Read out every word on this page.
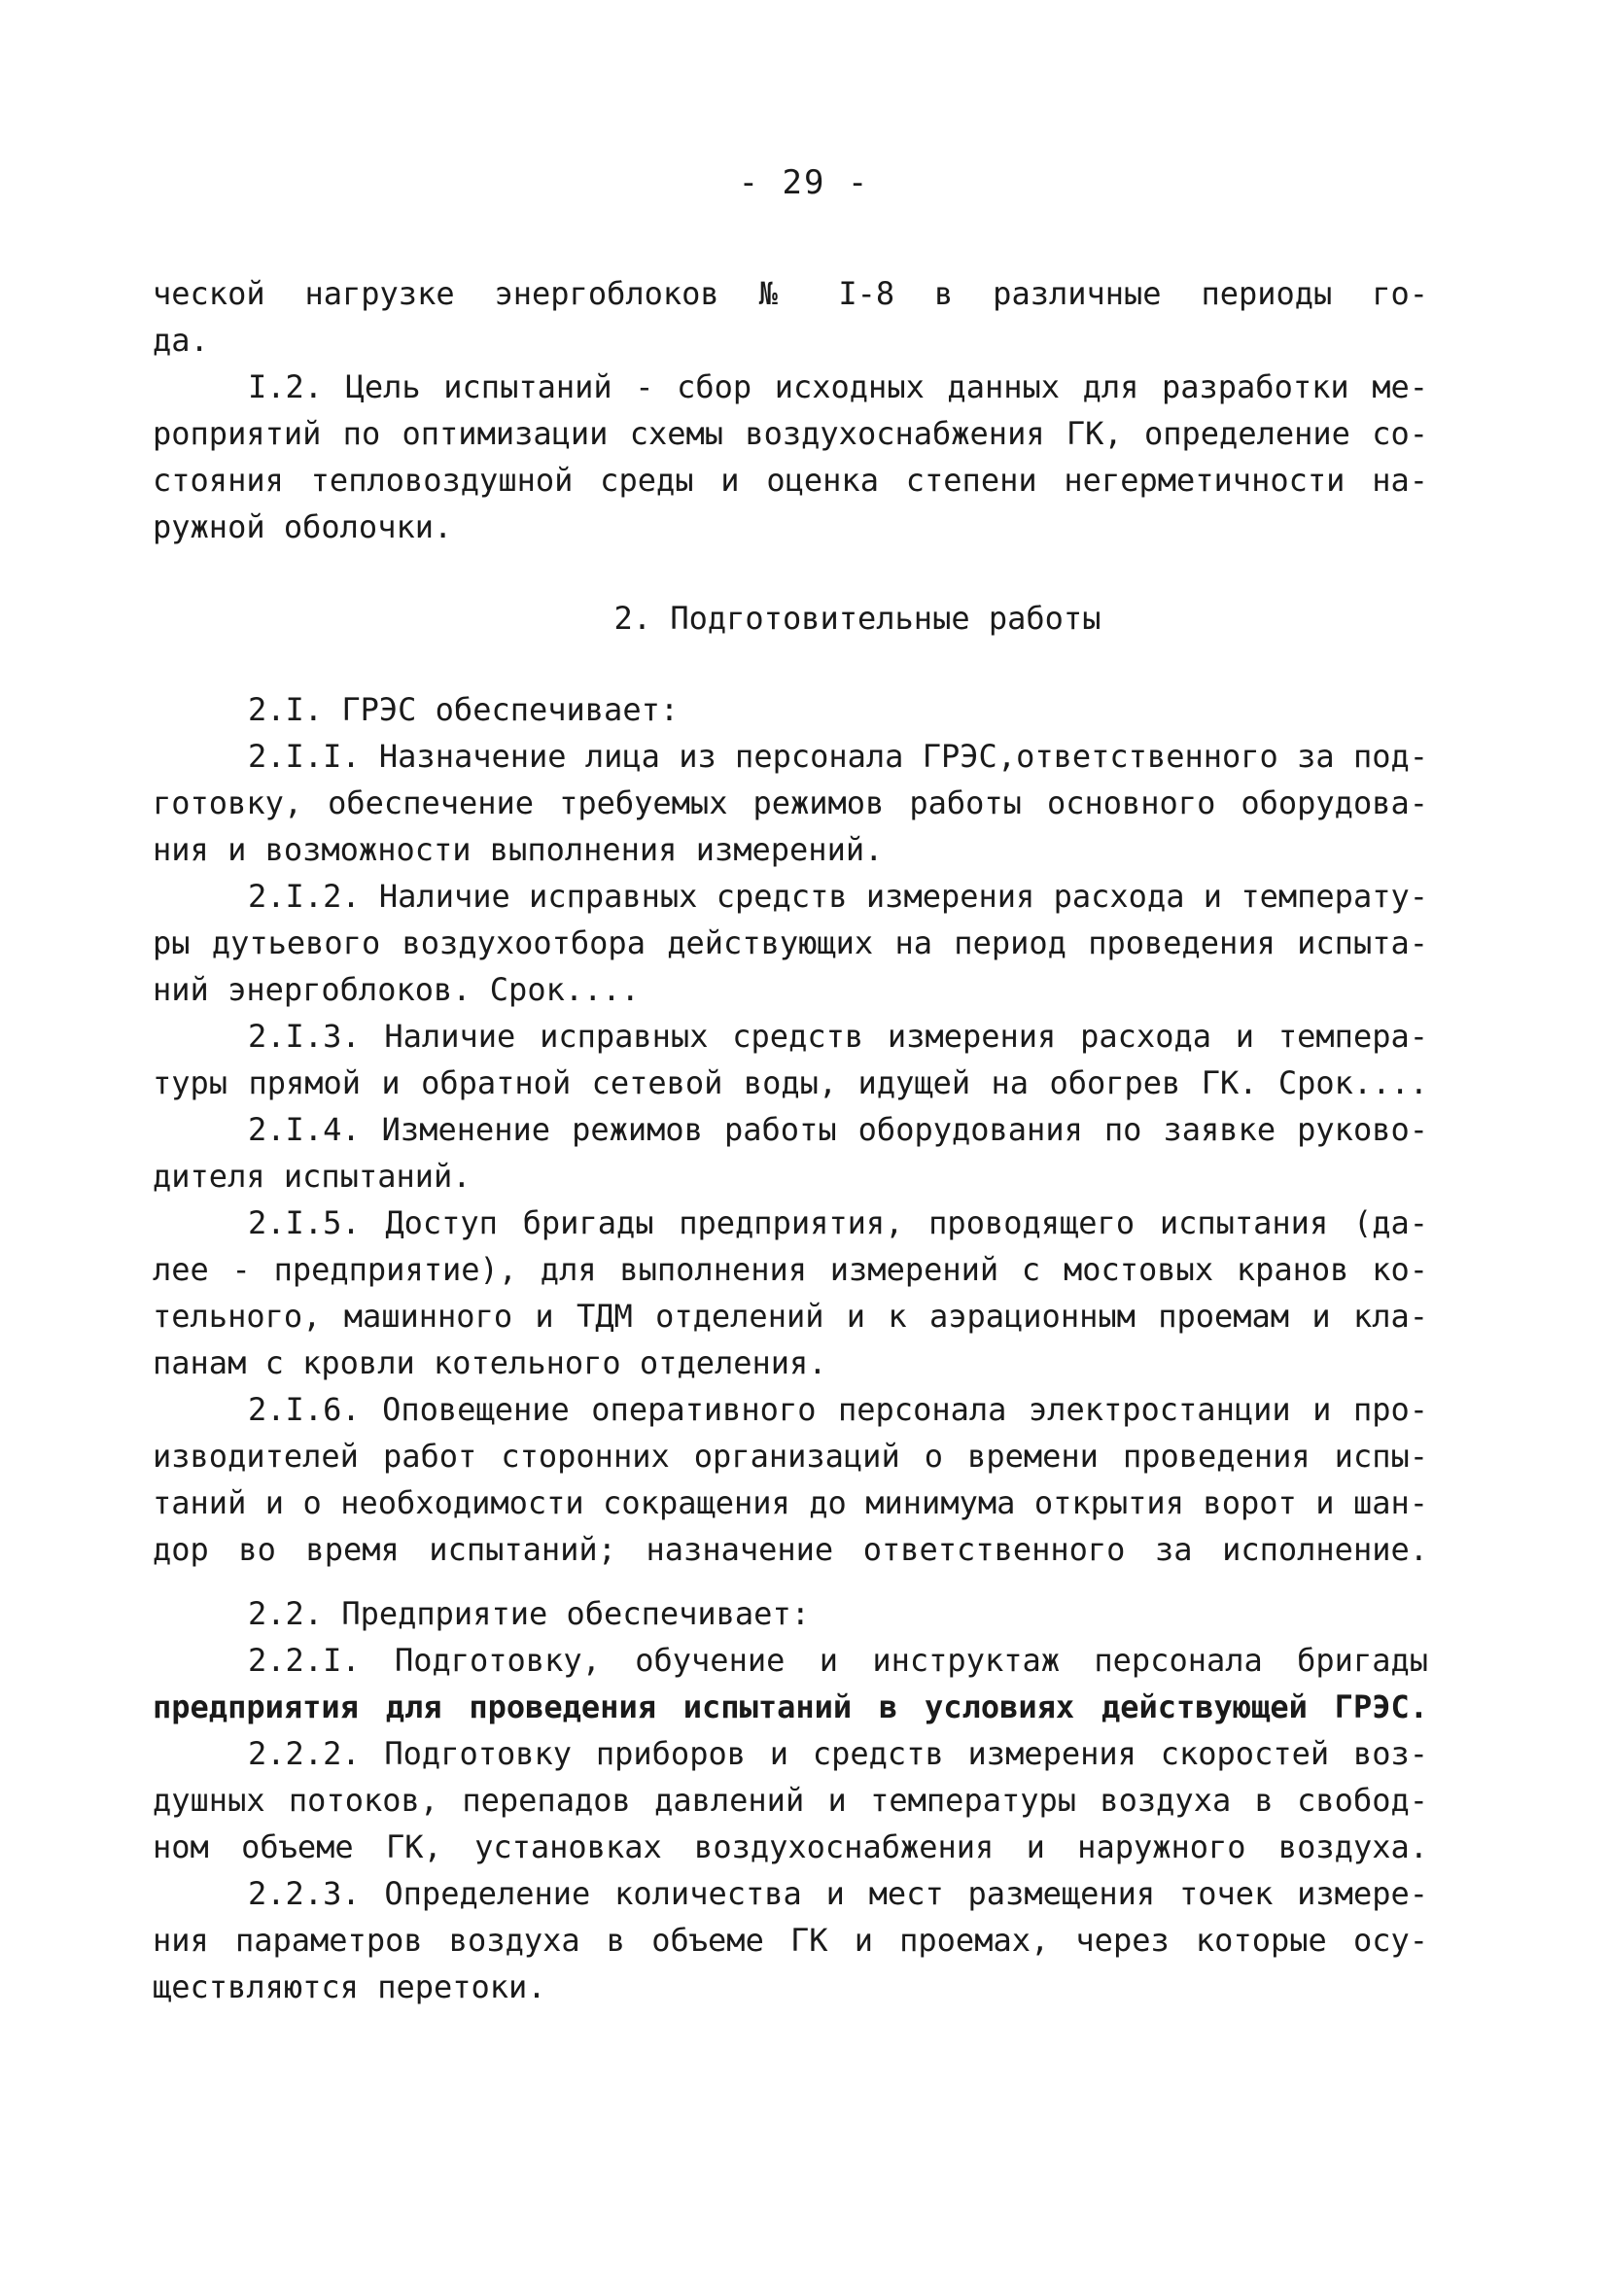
- 29 -
ческой нагрузке энергоблоков № I-8 в различные периоды го-
да.
I.2. Цель испытаний - сбор исходных данных для разработки ме-
роприятий по оптимизации схемы воздухоснабжения ГК, определение со-
стояния тепловоздушной среды и оценка степени негерметичности на-
ружной оболочки.
2. Подготовительные работы
2.I. ГРЭС обеспечивает:
2.I.I. Назначение лица из персонала ГРЭС,ответственного за под-
готовку, обеспечение требуемых режимов работы основного оборудова-
ния и возможности выполнения измерений.
2.I.2. Наличие исправных средств измерения расхода и температу-
ры дутьевого воздухоотбора действующих на период проведения испыта-
ний энергоблоков. Срок....
2.I.3. Наличие исправных средств измерения расхода и темпера-
туры прямой и обратной сетевой воды, идущей на обогрев ГК. Срок....
2.I.4. Изменение режимов работы оборудования по заявке руково-
дителя испытаний.
2.I.5. Доступ бригады предприятия, проводящего испытания (да-
лее - предприятие), для выполнения измерений с мостовых кранов ко-
тельного, машинного и ТДМ отделений и к аэрационным проемам и кла-
панам с кровли котельного отделения.
2.I.6. Оповещение оперативного персонала электростанции и про-
изводителей работ сторонних организаций о времени проведения испы-
таний и о необходимости сокращения до минимума открытия ворот и шан-
дор во время испытаний; назначение ответственного за исполнение.
2.2. Предприятие обеспечивает:
2.2.I. Подготовку, обучение и инструктаж персонала бригады
предприятия для проведения испытаний в условиях действующей ГРЭС.
2.2.2. Подготовку приборов и средств измерения скоростей воз-
душных потоков, перепадов давлений и температуры воздуха в свобод-
ном объеме ГК, установках воздухоснабжения и наружного воздуха.
2.2.3. Определение количества и мест размещения точек измере-
ния параметров воздуха в объеме ГК и проемах, через которые осу-
ществляются перетоки.
